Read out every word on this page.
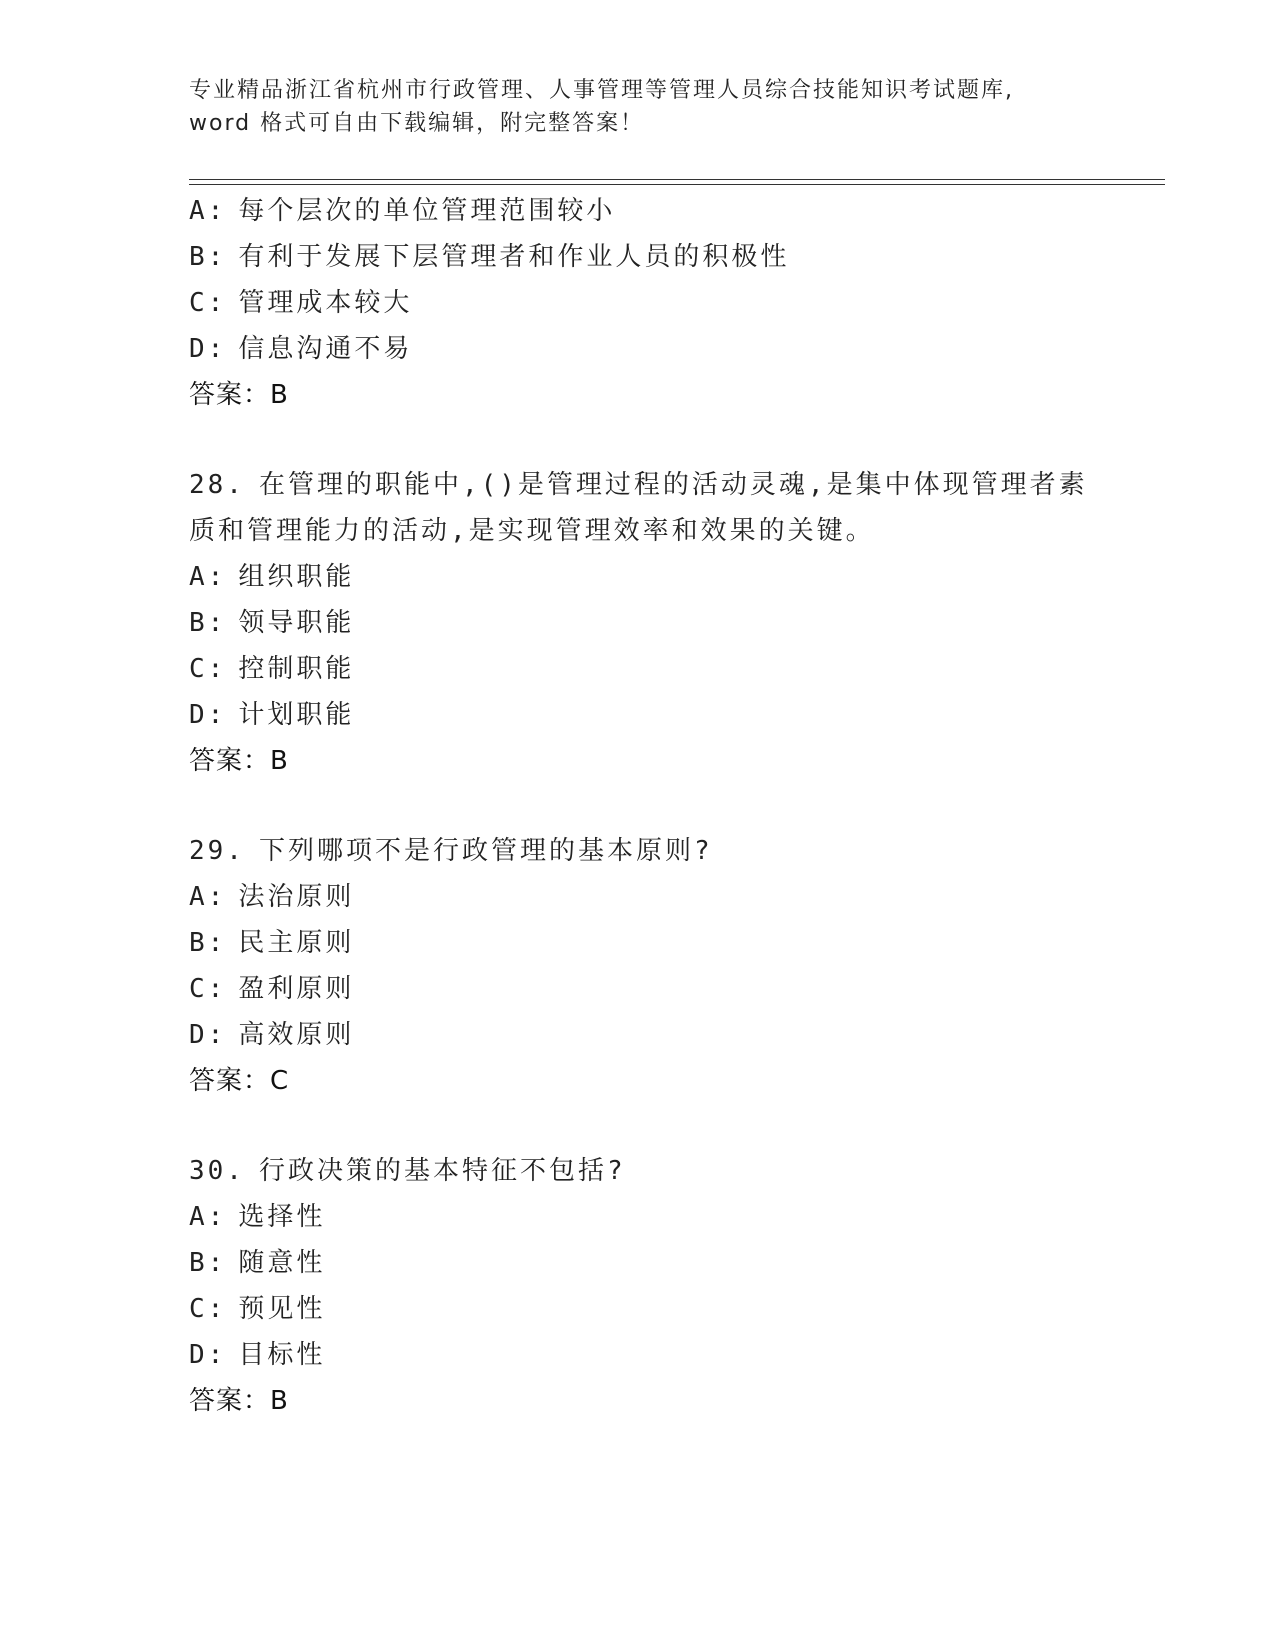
专业精品浙江省杭州市行政管理、人事管理等管理人员综合技能知识考试题库,
word 格式可自由下载编辑，附完整答案！
A: 每个层次的单位管理范围较小
B: 有利于发展下层管理者和作业人员的积极性
C: 管理成本较大
D: 信息沟通不易
答案：B
28. 在管理的职能中,()是管理过程的活动灵魂,是集中体现管理者素
质和管理能力的活动,是实现管理效率和效果的关键。
A: 组织职能
B: 领导职能
C: 控制职能
D: 计划职能
答案：B
29. 下列哪项不是行政管理的基本原则?
A: 法治原则
B: 民主原则
C: 盈利原则
D: 高效原则
答案：C
30. 行政决策的基本特征不包括?
A: 选择性
B: 随意性
C: 预见性
D: 目标性
答案：B
